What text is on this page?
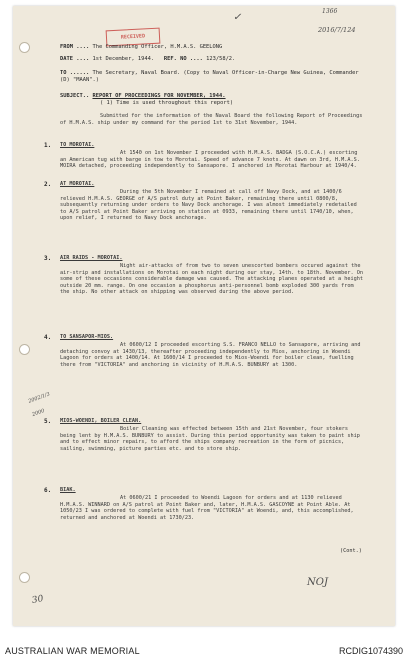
1366
2016/7/124
✓
2002/1/3
2000
NOJ
30
RECEIVED
FROM .... The Commanding Officer, H.M.A.S. GEELONG
DATE .... 1st December, 1944. REF. NO .... 123/58/2.
TO ...... The Secretary, Naval Board. (Copy to Naval Officer-in-Charge New Guinea, Commander (D) "MAAN".)
SUBJECT.. REPORT OF PROCEEDINGS FOR NOVEMBER, 1944.
( 1) Time is used throughout this report)
Submitted for the information of the Naval Board the following Report of Proceedings of H.M.A.S. ship under my command for the period 1st to 31st November, 1944.
1. TO MOROTAI.
At 1540 on 1st November I proceeded with H.M.A.S. BADGA (S.O.C.A.) escorting an American tug with barge in tow to Morotai. Speed of advance 7 knots. At dawn on 3rd, H.M.A.S. MOIRA detached, proceeding independently to Sansapore. I anchored in Morotai Harbour at 1940/4.
2. AT MOROTAI.
During the 5th November I remained at call off Navy Dock, and at 1400/6 relieved H.M.A.S. GEORGE of A/S patrol duty at Point Baker, remaining there until 0800/8, subsequently returning under orders to Navy Dock anchorage. I was almost immediately redetailed to A/S patrol at Point Baker arriving on station at 0933, remaining there until 1740/10, when, upon relief, I returned to Navy Dock anchorage.
3. AIR RAIDS - MOROTAI.
Night air-attacks of from two to seven unescorted bombers occured against the air-strip and installations on Morotai on each night during our stay, 14th. to 18th. November. On some of these occasions considerable damage was caused. The attacking planes operated at a height outside 20 mm. range. On one occasion a phosphorus anti-personnel bomb exploded 300 yards from the ship. No other attack on shipping was observed during the above period.
4. TO SANSAPOR-MIOS.
At 0600/12 I proceeded escorting S.S. FRANCO NELLO to Sansapore, arriving and detaching convoy at 1430/13, thereafter proceeding independently to Mios, anchoring in Woendi Lagoon for orders at 1400/14. At 1600/14 I proceeded to Mios-Woendi for boiler clean, fuelling there from "VICTORIA" and anchoring in vicinity of H.M.A.S. BUNBURY at 1300.
5. MIOS-WOENDI, BOILER CLEAN.
Boiler Cleaning was effected between 15th and 21st November, four stokers being lent by H.M.A.S. BUNBURY to assist. During this period opportunity was taken to paint ship and to effect minor repairs, to afford the ships company recreation in the form of picnics, sailing, swimming, picture parties etc. and to store ship.
6. BIAK.
At 0600/21 I proceeded to Woendi Lagoon for orders and at 1130 relieved H.M.A.S. WINNARD on A/S patrol at Point Baker and, later, H.M.A.S. GASCOYNE at Point Able. At 1050/23 I was ordered to complete with fuel from "VICTORIA" at Woendi, and, this accomplished, returned and anchored at Woendi at 1730/23.
(Cont.)
AUSTRALIAN WAR MEMORIAL	RCDIG1074390
